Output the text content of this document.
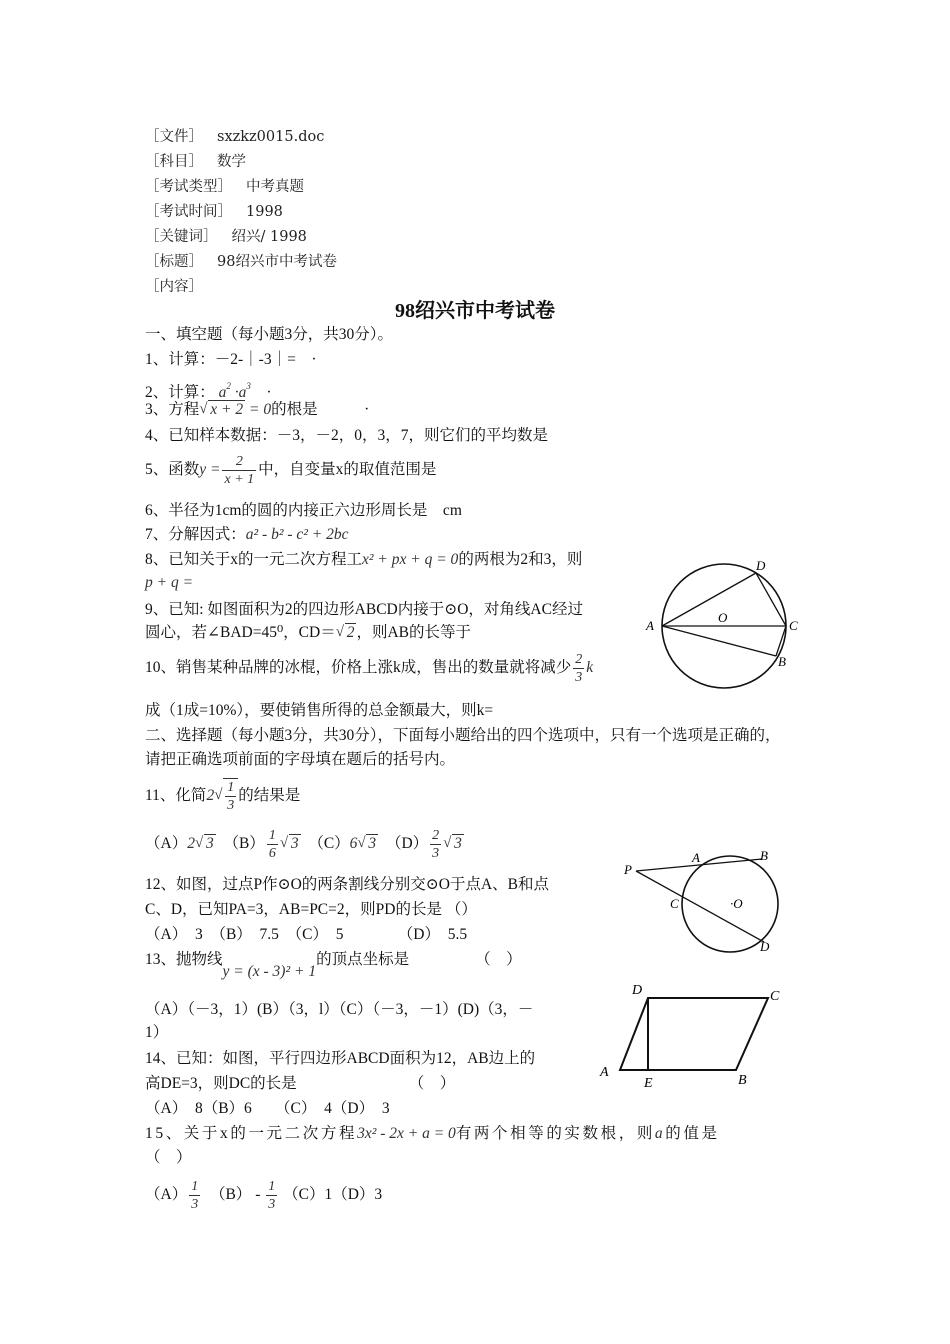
［文件］ sxzkz0015.doc
［科目］ 数学
［考试类型］ 中考真题
［考试时间］ 1998
［关键词］ 绍兴/ 1998
［标题］ 98绍兴市中考试卷
［内容］
98绍兴市中考试卷
一、填空题（每小题3分，共30分）。
1、计算：－2-｜-3｜=　 ·
2、计算： $a^2 \cdot a^3$　 ·
3、方程 √ x + 2 = 0的根是　　　	·
4、已知样本数据：－3，－2，0，3，7，则它们的平均数是
5、函数$y = \frac{2}{x + 1}$ 中，自变量x的取值范围是
6、半径为1cm的圆的内接正六边形周长是　cm
7、分解因式：a² - b² - c² + 2bc
8、已知关于x的一元二次方程工x² + px + q = 0的两根为2和3，则
p + q =
9、已知: 如图面积为2的四边形ABCD内接于⊙O，对角线AC经过
圆心，若∠BAD=45⁰，CD＝ √ 2 ，则AB的长等于
10、销售某种品牌的冰棍，价格上涨k成，售出的数量就将减少 $\frac{2}{3}$ k
成（1成=10%），要使销售所得的总金额最大，则k=
二、选择题（每小题3分，共30分），下面每小题给出的四个选项中，只有一个选项是正确的，
请把正确选项前面的字母填在题后的括号内。
11、化简2 √ $\frac{1}{3}$ 的结果是
（A）2 √ 3　 $(B) \frac{1}{6}$ √ 3　 （C）6 √ 3　 $(D) \frac{2}{3}$ √ 3
12、如图，过点P作⊙O的两条割线分别交⊙O于点A、B和点
C、D，已知PA=3，AB=PC=2，则PD的长是 （）
（A）　3　（B）　7.5　（C）　5　　　　（D）　5.5
13、抛物线y = (x - 3)² + 1的顶点坐标是	（　）
（A）（－3，1）(B）（3，l）（C）（－3，－1）(D)（3，－
1）
14、已知：如图，平行四边形ABCD面积为12，AB边上的
高DE=3，则DC的长是	（　）
（A）　8（B）6　　（C）　4（D）　3
15、关于x的一元二次方程3x² - 2x + a = 0有两个相等的实数根，则a的值是
（　）
$(A) \frac{1}{3}$
　 $(B) - \frac{1}{3} (C)1(D)3$
A	C
D
B
O
P
A	B
C
D
·O
A
B
C
D
E
